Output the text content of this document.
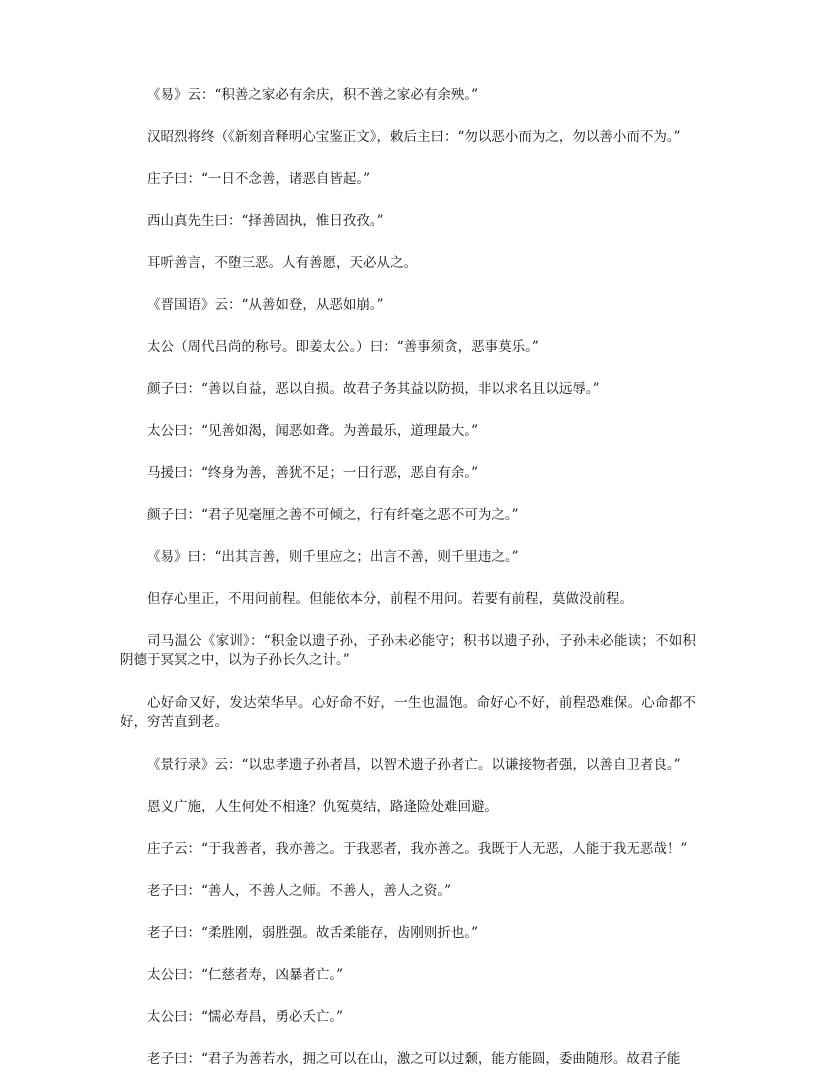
《易》云：“积善之家必有余庆，积不善之家必有余殃。”

汉昭烈将终（《新刻音释明心宝鉴正文》，敕后主曰：“勿以恶小而为之，勿以善小而不为。”

庄子曰：“一日不念善，诸恶自皆起。”

西山真先生曰：“择善固执，惟日孜孜。”

耳听善言，不堕三恶。人有善愿，天必从之。

《晋国语》云：“从善如登，从恶如崩。”

太公（周代吕尚的称号。即姜太公。）曰：“善事须贪，恶事莫乐。”

颜子曰：“善以自益，恶以自损。故君子务其益以防损，非以求名且以远辱。”

太公曰：“见善如渴，闻恶如聋。为善最乐，道理最大。”

马援曰：“终身为善，善犹不足；一日行恶，恶自有余。”

颜子曰：“君子见毫厘之善不可倾之，行有纤毫之恶不可为之。”

《易》曰：“出其言善，则千里应之；出言不善，则千里违之。”

但存心里正，不用问前程。但能依本分，前程不用问。若要有前程，莫做没前程。

司马温公《家训》：“积金以遗子孙，子孙未必能守；积书以遗子孙，子孙未必能读；不如积阴德于冥冥之中，以为子孙长久之计。”

心好命又好，发达荣华早。心好命不好，一生也温饱。命好心不好，前程恐难保。心命都不好，穷苦直到老。

《景行录》云：“以忠孝遗子孙者昌，以智术遗子孙者亡。以谦接物者强，以善自卫者良。”

恩义广施，人生何处不相逢？仇冤莫结，路逢险处难回避。

庄子云：“于我善者，我亦善之。于我恶者，我亦善之。我既于人无恶，人能于我无恶哉！”

老子曰：“善人，不善人之师。不善人，善人之资。”

老子曰：“柔胜刚，弱胜强。故舌柔能存，齿刚则折也。”

太公曰：“仁慈者寿，凶暴者亡。”

太公曰：“懦必寿昌，勇必夭亡。”

老子曰：“君子为善若水，拥之可以在山，激之可以过颡，能方能圆，委曲随形。故君子能
